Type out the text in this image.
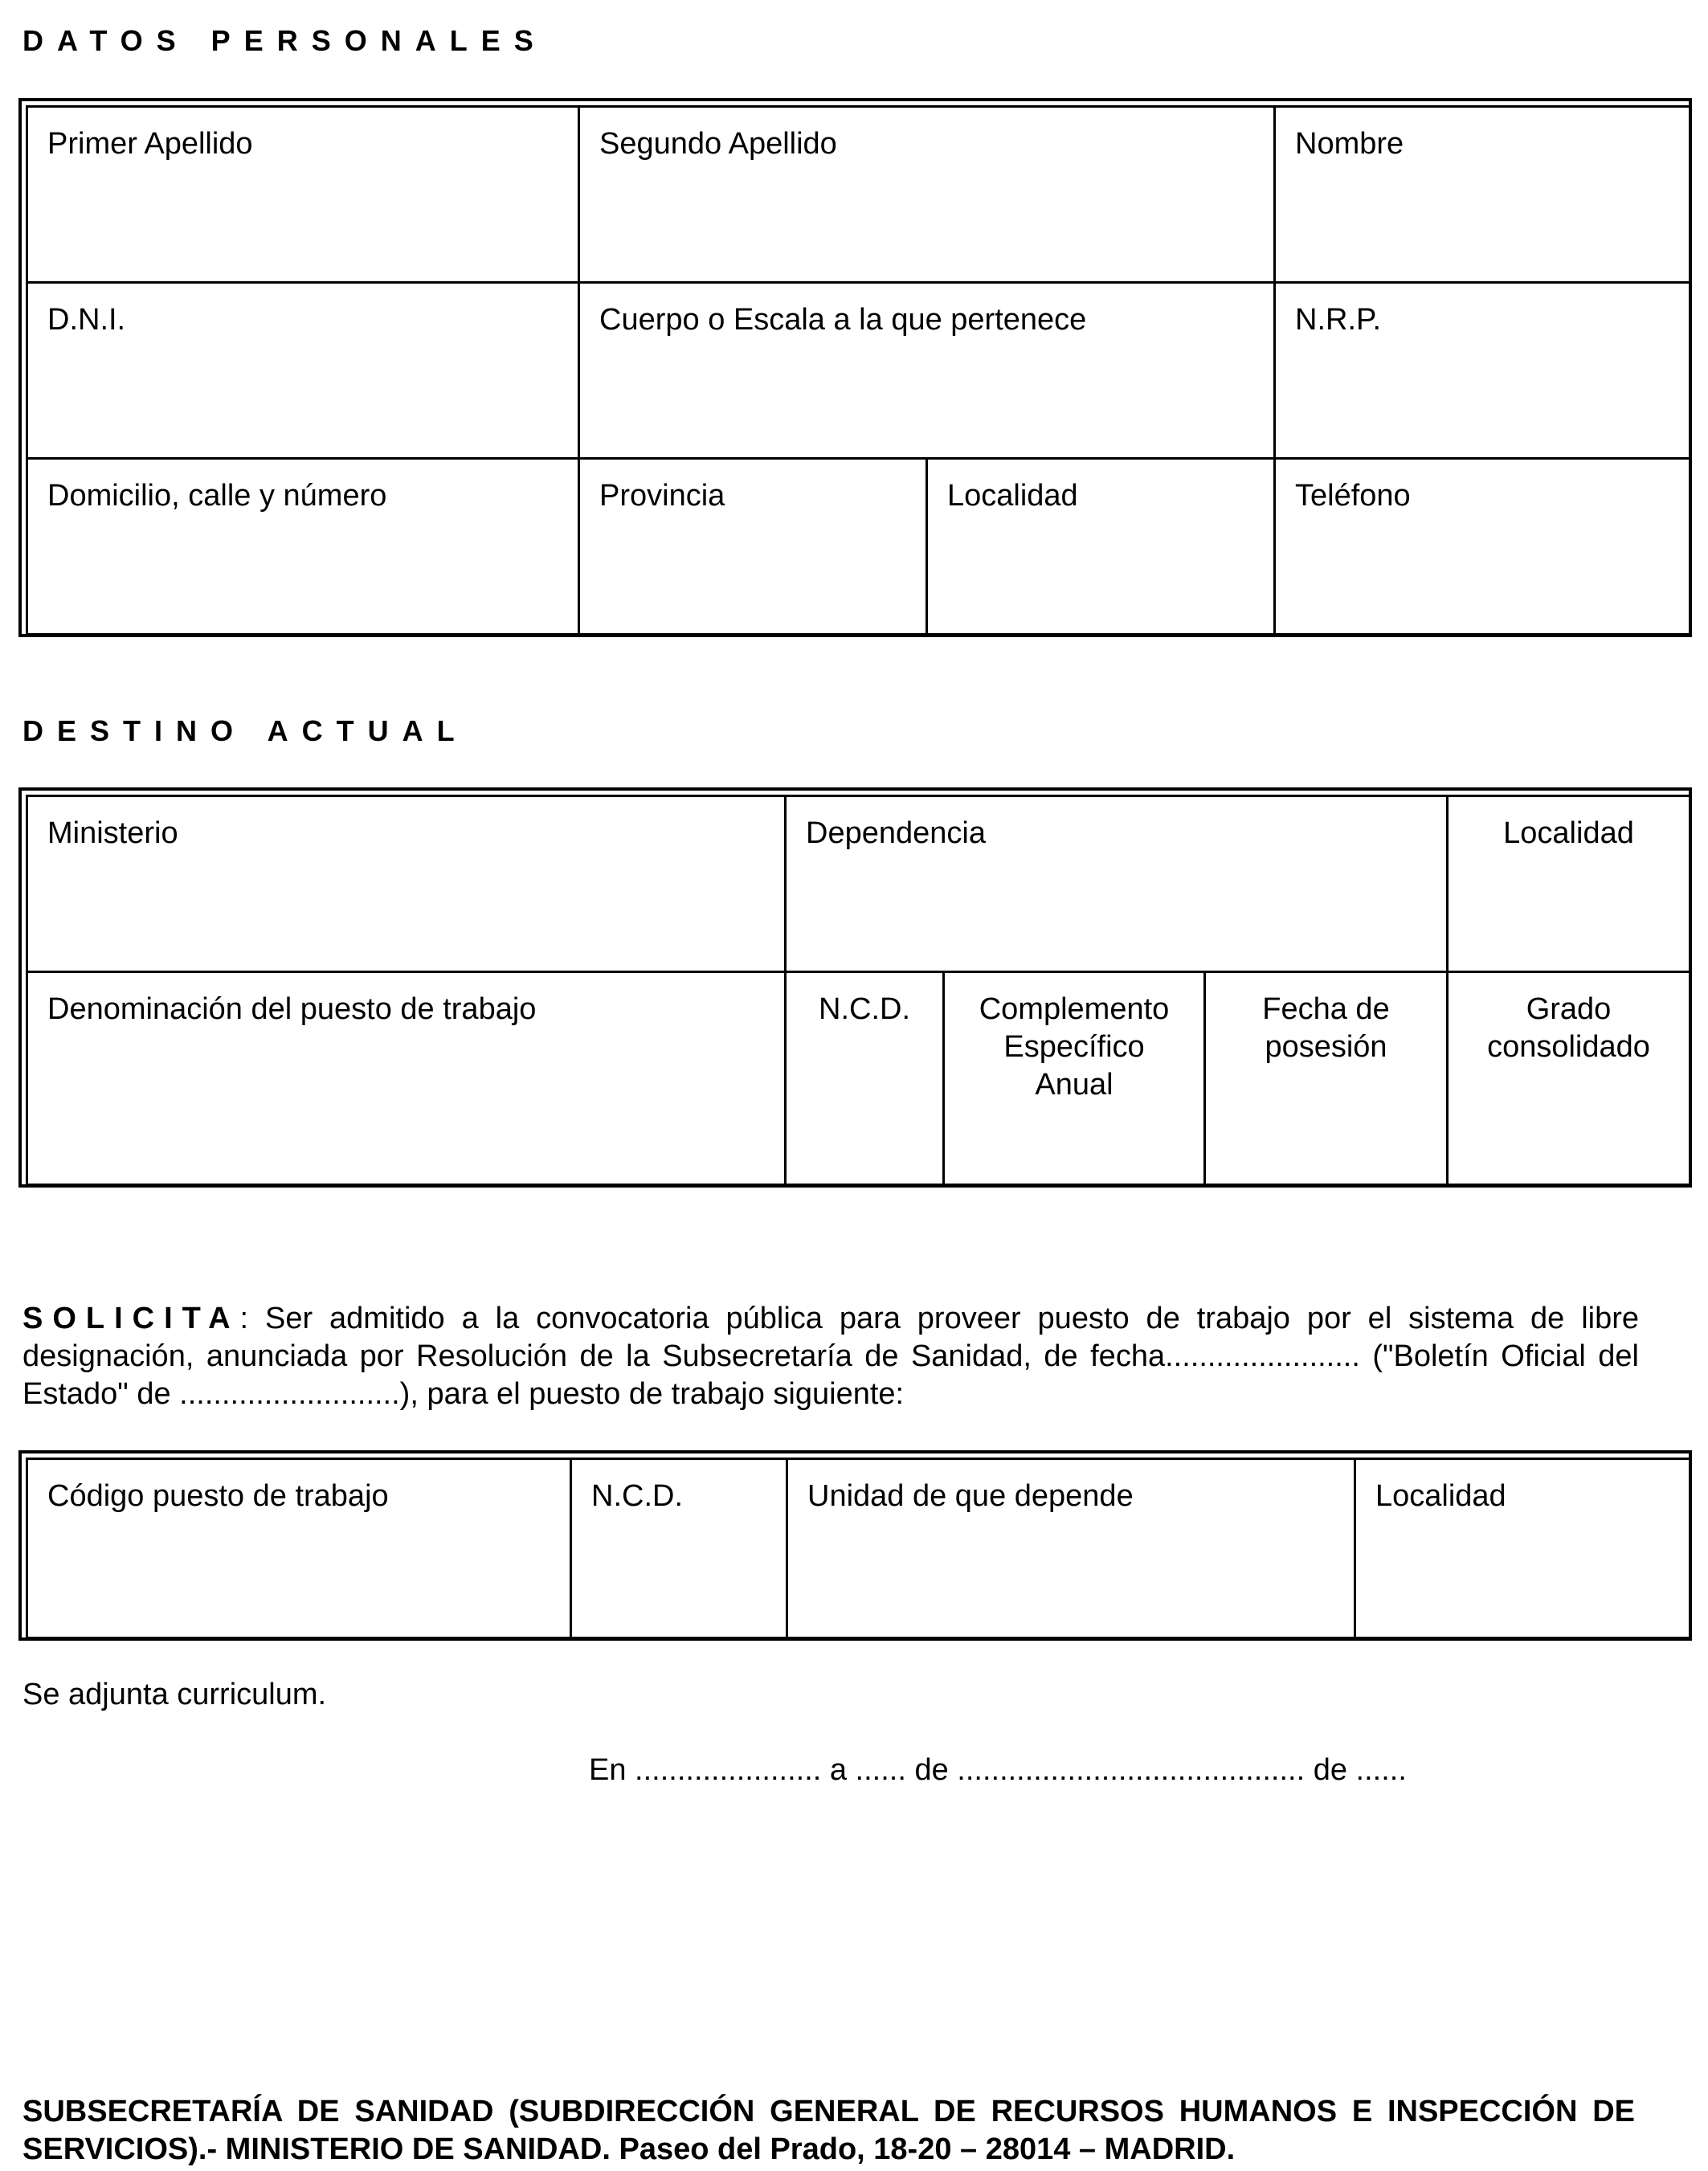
DATOS PERSONALES
Primer Apellido	Segundo Apellido		Nombre
D.N.I.	Cuerpo o Escala a la que pertenece		N.R.P.
Domicilio, calle y número	Provincia	Localidad	Teléfono
DESTINO ACTUAL
Ministerio	Dependencia			Localidad
Denominación del puesto de trabajo	N.C.D.	Complemento Específico Anual	Fecha de posesión	Grado consolidado

SOLICITA: Ser admitido a la convocatoria pública para proveer puesto de trabajo por el sistema de libre designación, anunciada por Resolución de la Subsecretaría de Sanidad, de fecha....................... ("Boletín Oficial del Estado" de ..........................), para el puesto de trabajo siguiente:

Código puesto de trabajo	N.C.D.	Unidad de que depende	Localidad

Se adjunta curriculum.

En ...................... a ...... de ......................................... de ......

SUBSECRETARÍA DE SANIDAD (SUBDIRECCIÓN GENERAL DE RECURSOS HUMANOS E INSPECCIÓN DE SERVICIOS).- MINISTERIO DE SANIDAD. Paseo del Prado, 18-20 – 28014 – MADRID.
